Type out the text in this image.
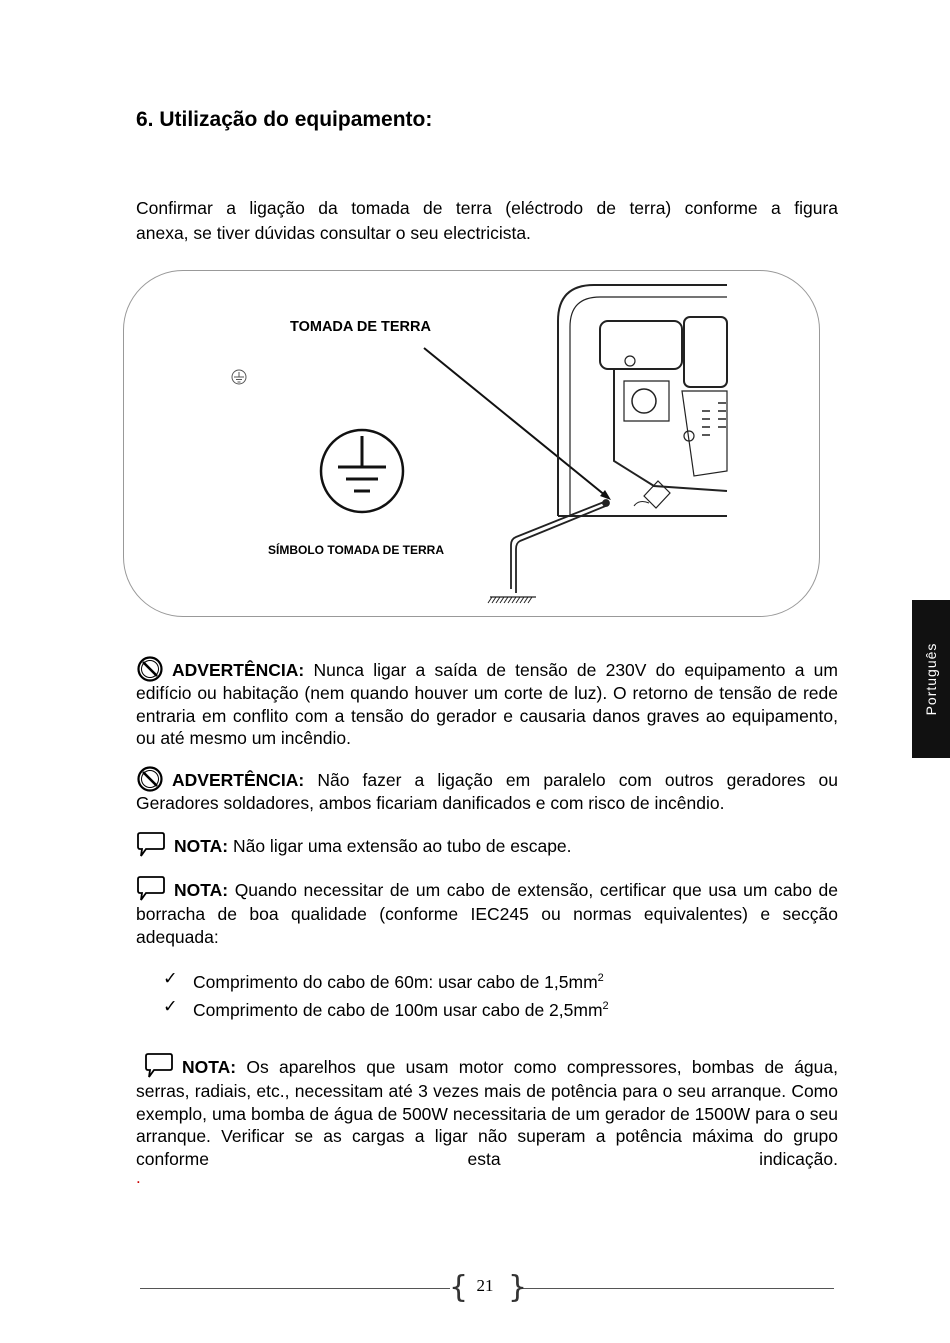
6. Utilização do equipamento:
Confirmar a ligação da tomada de terra (eléctrodo de terra) conforme a figura
anexa, se tiver dúvidas consultar o seu electricista.
TOMADA DE TERRA
SÍMBOLO TOMADA DE TERRA
Português
ADVERTÊNCIA: Nunca ligar a saída de tensão de 230V do equipamento a um edifício ou habitação (nem quando houver um corte de luz). O retorno de tensão de rede entraria em conflito com a tensão do gerador e causaria danos graves ao equipamento, ou até mesmo um incêndio.
ADVERTÊNCIA: Não fazer a ligação em paralelo com outros geradores ou Geradores soldadores, ambos ficariam danificados e com risco de incêndio.
NOTA: Não ligar uma extensão ao tubo de escape.
NOTA: Quando necessitar de um cabo de extensão, certificar que usa um cabo de borracha de boa qualidade (conforme IEC245 ou normas equivalentes) e secção adequada:
✓ Comprimento do cabo de 60m: usar cabo de $1,5mm^2$
✓ Comprimento de cabo de 100m usar cabo de $2,5mm^2$
NOTA: Os aparelhos que usam motor como compressores, bombas de água, serras, radiais, etc., necessitam até 3 vezes mais de potência para o seu arranque. Como exemplo, uma bomba de água de 500W necessitaria de um gerador de 1500W para o seu arranque. Verificar se as cargas a ligar não superam a potência máxima do grupo conforme esta indicação.
.
{ }
21
